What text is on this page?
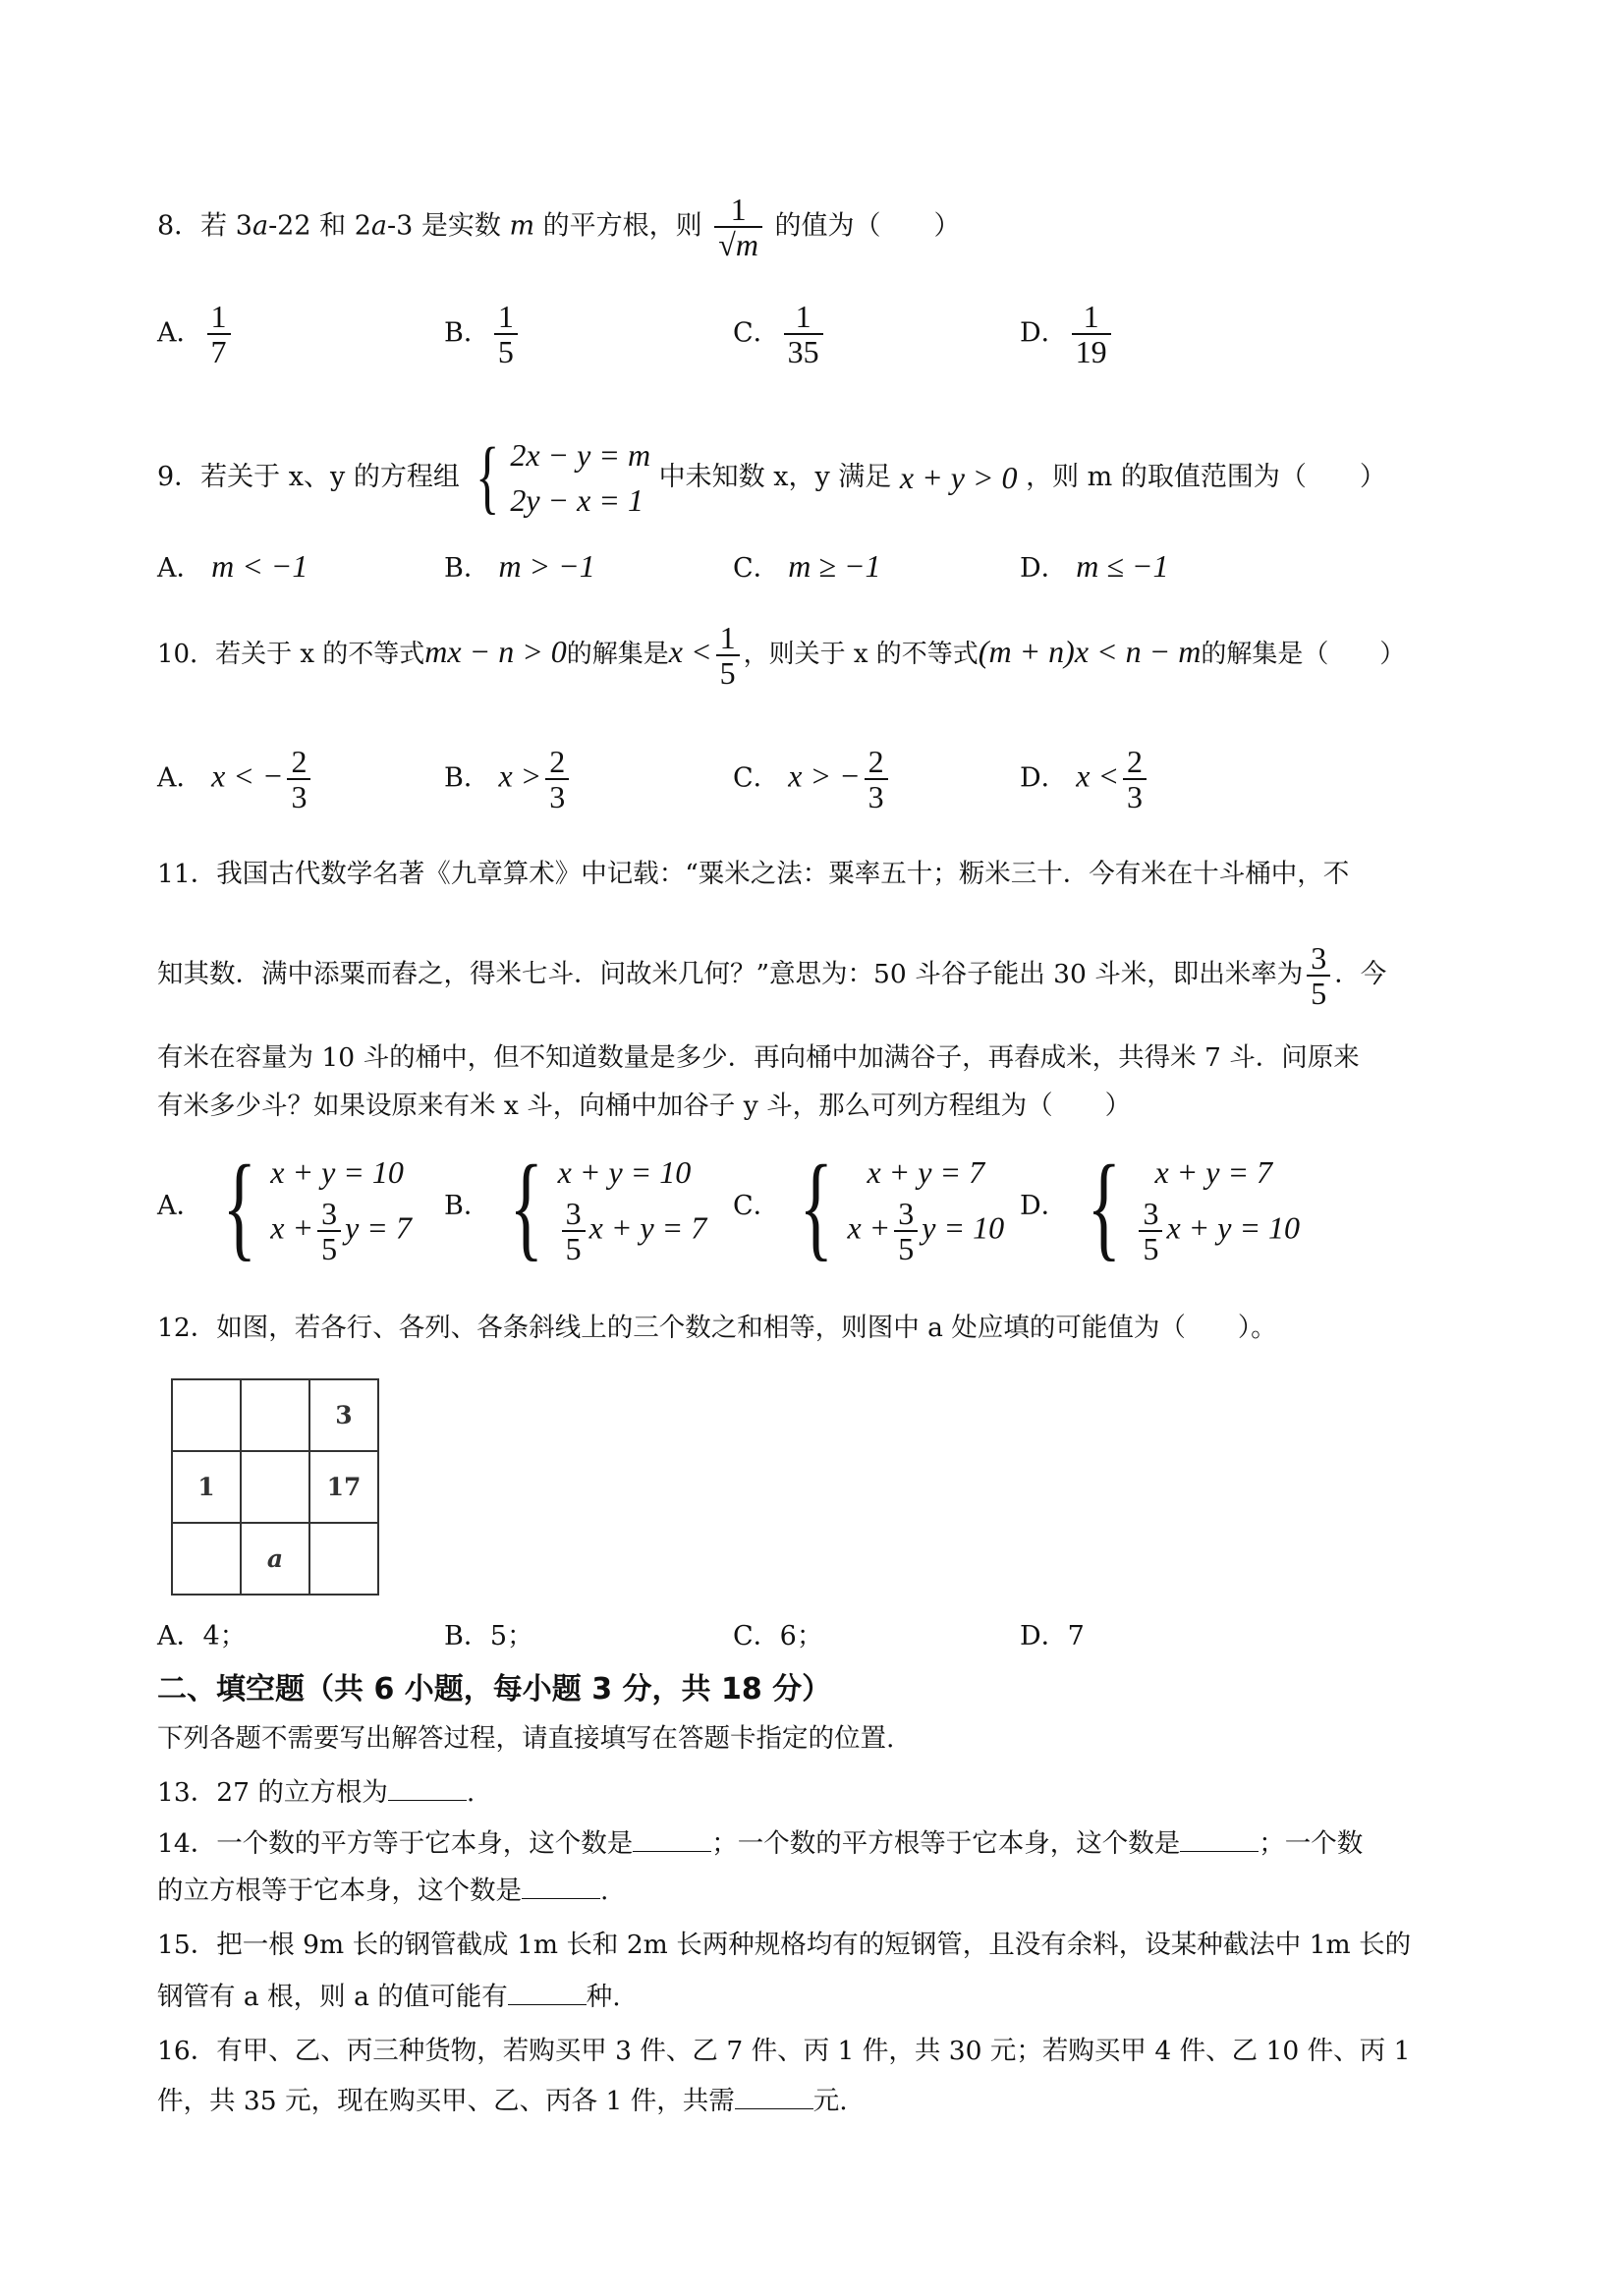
8．若 3a-22 和 2a-3 是实数 m 的平方根，则 $\frac{1}{√m}$ 的值为（　　）
A． $\frac{1}{7}$	B． $\frac{1}{5}$	C． $\frac{1}{35}$	D． $\frac{1}{19}$
9．若关于 x、y 的方程组 { 2x − y = m
2y − x = 1
中未知数 x，y 满足 x + y > 0 ，则 m 的取值范围为（　　）
A． m < −1	B． m > −1	C． m ≥ −1	D． m ≤ −1
10．若关于 x 的不等式mx − n > 0的解集是$x < \frac{1}{5}$ ，则关于 x 的不等式(m + n)x < n − m的解集是（　　）
A． x < − $\frac{2}{3}$	B． $x > \frac{2}{3}$	C． x > − $\frac{2}{3}$	D． $x < \frac{2}{3}$
11．我国古代数学名著《九章算术》中记载：“粟米之法：粟率五十；粝米三十．今有米在十斗桶中，不
知其数．满中添粟而舂之，得米七斗．问故米几何？”意思为：50 斗谷子能出 30 斗米，即出米率为 $\frac{3}{5}$ ．今
有米在容量为 10 斗的桶中，但不知道数量是多少．再向桶中加满谷子，再舂成米，共得米 7 斗．问原来
有米多少斗？如果设原来有米 x 斗，向桶中加谷子 y 斗，那么可列方程组为（　　）
A． { x + y = 10
$x + \frac{3}{5}$ y = 7
B． { x + y = 10
$\frac{3}{5}$ x + y = 7
C． {	x + y = 7
$x + \frac{3}{5}$ y = 10
D． {	x + y = 7
$\frac{3}{5}$ x + y = 10
12．如图，若各行、各列、各条斜线上的三个数之和相等，则图中 a 处应填的可能值为（　　）。
		3
1		17
	a	
A．4；	B．5；	C．6；	D．7
二、填空题（共 6 小题，每小题 3 分，共 18 分）
下列各题不需要写出解答过程，请直接填写在答题卡指定的位置.
13．27 的立方根为	.
14．一个数的平方等于它本身，这个数是	；一个数的平方根等于它本身，这个数是	；一个数
的立方根等于它本身，这个数是	.
15．把一根 9m 长的钢管截成 1m 长和 2m 长两种规格均有的短钢管，且没有余料，设某种截法中 1m 长的
钢管有 a 根，则 a 的值可能有	种.
16．有甲、乙、丙三种货物，若购买甲 3 件、乙 7 件、丙 1 件，共 30 元；若购买甲 4 件、乙 10 件、丙 1
件，共 35 元，现在购买甲、乙、丙各 1 件，共需	元.
